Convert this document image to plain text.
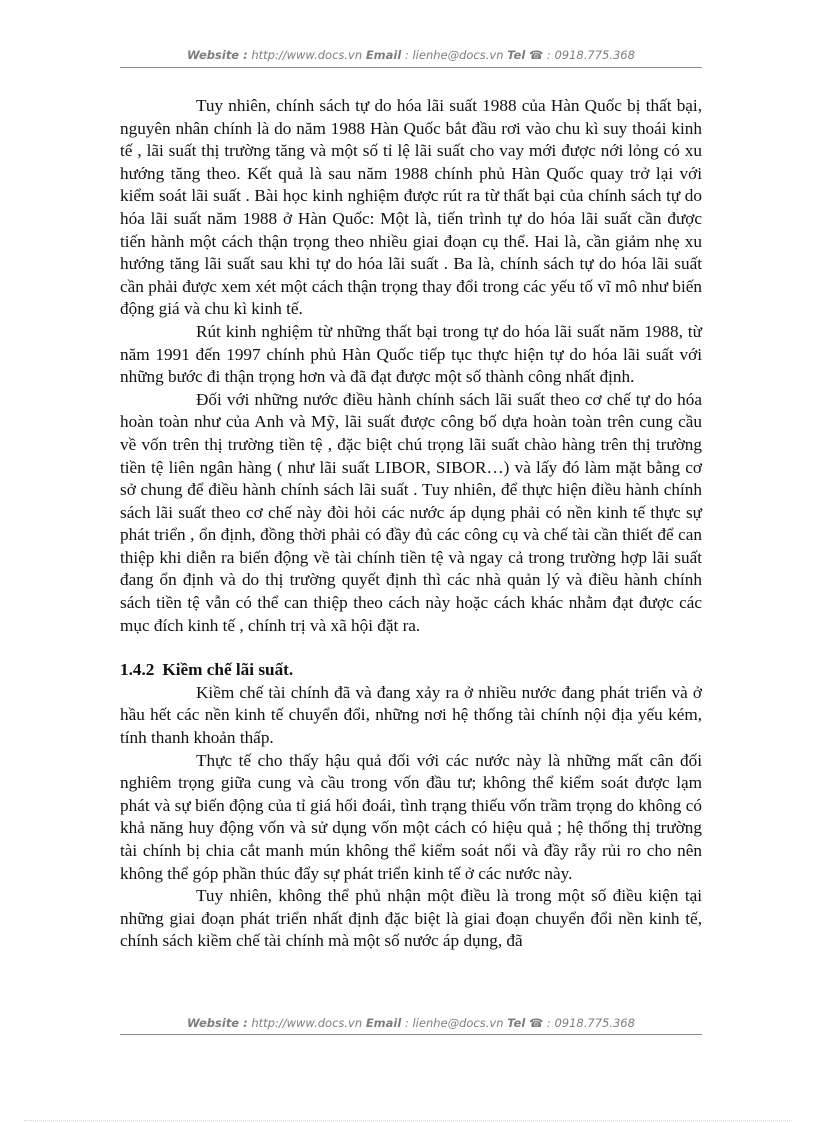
Website : http://www.docs.vn Email : lienhe@docs.vn Tel ☎ : 0918.775.368

Tuy nhiên, chính sách tự do hóa lãi suất 1988 của Hàn Quốc bị thất bại, nguyên nhân chính là do năm 1988 Hàn Quốc bắt đầu rơi vào chu kì suy thoái kinh tế , lãi suất thị trường tăng và một số tỉ lệ lãi suất cho vay mới được nới lỏng có xu hướng tăng theo. Kết quả là sau năm 1988 chính phủ Hàn Quốc quay trở lại với kiểm soát lãi suất . Bài học kinh nghiệm được rút ra từ thất bại của chính sách tự do hóa lãi suất năm 1988 ở Hàn Quốc: Một là, tiến trình tự do hóa lãi suất cần được tiến hành một cách thận trọng theo nhiều giai đoạn cụ thể. Hai là, cần giảm nhẹ xu hướng tăng lãi suất sau khi tự do hóa lãi suất . Ba là, chính sách tự do hóa lãi suất cần phải được xem xét một cách thận trọng thay đổi trong các yếu tố vĩ mô như biến động giá và chu kì kinh tế.

Rút kinh nghiệm từ những thất bại trong tự do hóa lãi suất năm 1988, từ năm 1991 đến 1997 chính phủ Hàn Quốc tiếp tục thực hiện tự do hóa lãi suất với những bước đi thận trọng hơn và đã đạt được một số thành công nhất định.

Đối với những nước điều hành chính sách lãi suất theo cơ chế tự do hóa hoàn toàn như của Anh và Mỹ, lãi suất được công bố dựa hoàn toàn trên cung cầu về vốn trên thị trường tiền tệ , đặc biệt chú trọng lãi suất chào hàng trên thị trường tiền tệ liên ngân hàng ( như lãi suất LIBOR, SIBOR…) và lấy đó làm mặt bằng cơ sở chung để điều hành chính sách lãi suất . Tuy nhiên, để thực hiện điều hành chính sách lãi suất theo cơ chế này đòi hỏi các nước áp dụng phải có nền kinh tế thực sự phát triển , ổn định, đồng thời phải có đầy đủ các công cụ và chế tài cần thiết để can thiệp khi diễn ra biến động về tài chính tiền tệ và ngay cả trong trường hợp lãi suất đang ổn định và do thị trường quyết định thì các nhà quản lý và điều hành chính sách tiền tệ vẫn có thể can thiệp theo cách này hoặc cách khác nhằm đạt được các mục đích kinh tế , chính trị và xã hội đặt ra.

1.4.2 Kiềm chế lãi suất.

Kiềm chế tài chính đã và đang xảy ra ở nhiều nước đang phát triển và ở hầu hết các nền kinh tế chuyển đổi, những nơi hệ thống tài chính nội địa yếu kém, tính thanh khoản thấp.

Thực tế cho thấy hậu quả đối với các nước này là những mất cân đối nghiêm trọng giữa cung và cầu trong vốn đầu tư; không thể kiểm soát được lạm phát và sự biến động của tỉ giá hối đoái, tình trạng thiếu vốn trầm trọng do không có khả năng huy động vốn và sử dụng vốn một cách có hiệu quả ; hệ thống thị trường tài chính bị chia cắt manh mún không thể kiểm soát nổi và đầy rẫy rủi ro cho nên không thể góp phần thúc đẩy sự phát triển kinh tế ở các nước này.

Tuy nhiên, không thể phủ nhận một điều là trong một số điều kiện tại những giai đoạn phát triển nhất định đặc biệt là giai đoạn chuyển đổi nền kinh tế, chính sách kiềm chế tài chính mà một số nước áp dụng, đã

Website : http://www.docs.vn Email : lienhe@docs.vn Tel ☎ : 0918.775.368
